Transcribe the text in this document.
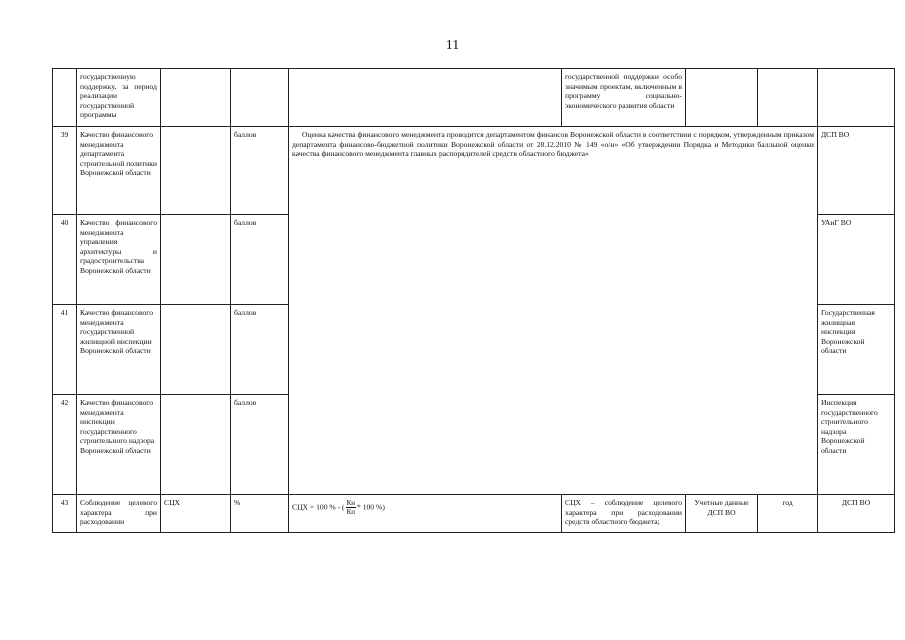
11
	государственную поддержку, за период реализации государственной программы				государственной поддержки особо значимым проектам, включенным в программу социально-экономического развития области			
39	Качество финансового менеджмента департамента строительной политики Воронежской области		баллов	Оценка качества финансового менеджмента проводится департаментом финансов Воронежской области в соответствии с порядком, утвержденным приказом департамента финансово-бюджетной политики Воронежской области от 28.12.2010 № 149 «о/н» «Об утверждении Порядка и Методики балльной оценки качества финансового менеджмента главных распорядителей средств областного бюджета»				ДСП ВО
40	Качество финансового менеджмента управления архитектуры и градостроительства Воронежской области		баллов					УАиГ ВО
41	Качество финансового менеджмента государственной жилищной инспекции Воронежской области		баллов					Государственная жилищная инспекция Воронежской области
42	Качество финансового менеджмента инспекции государственного строительного надзора Воронежской области		баллов					Инспекция государственного строительного надзора Воронежской области
43	Соблюдение целевого характера при расходовании	СЦХ	%	СЦХ = 100 % - ( $\frac{Кн}{Кп} * 100$ %)	СЦХ – соблюдение целевого характера при расходовании средств областного бюджета;	Учетные данные ДСП ВО	год	ДСП ВО
